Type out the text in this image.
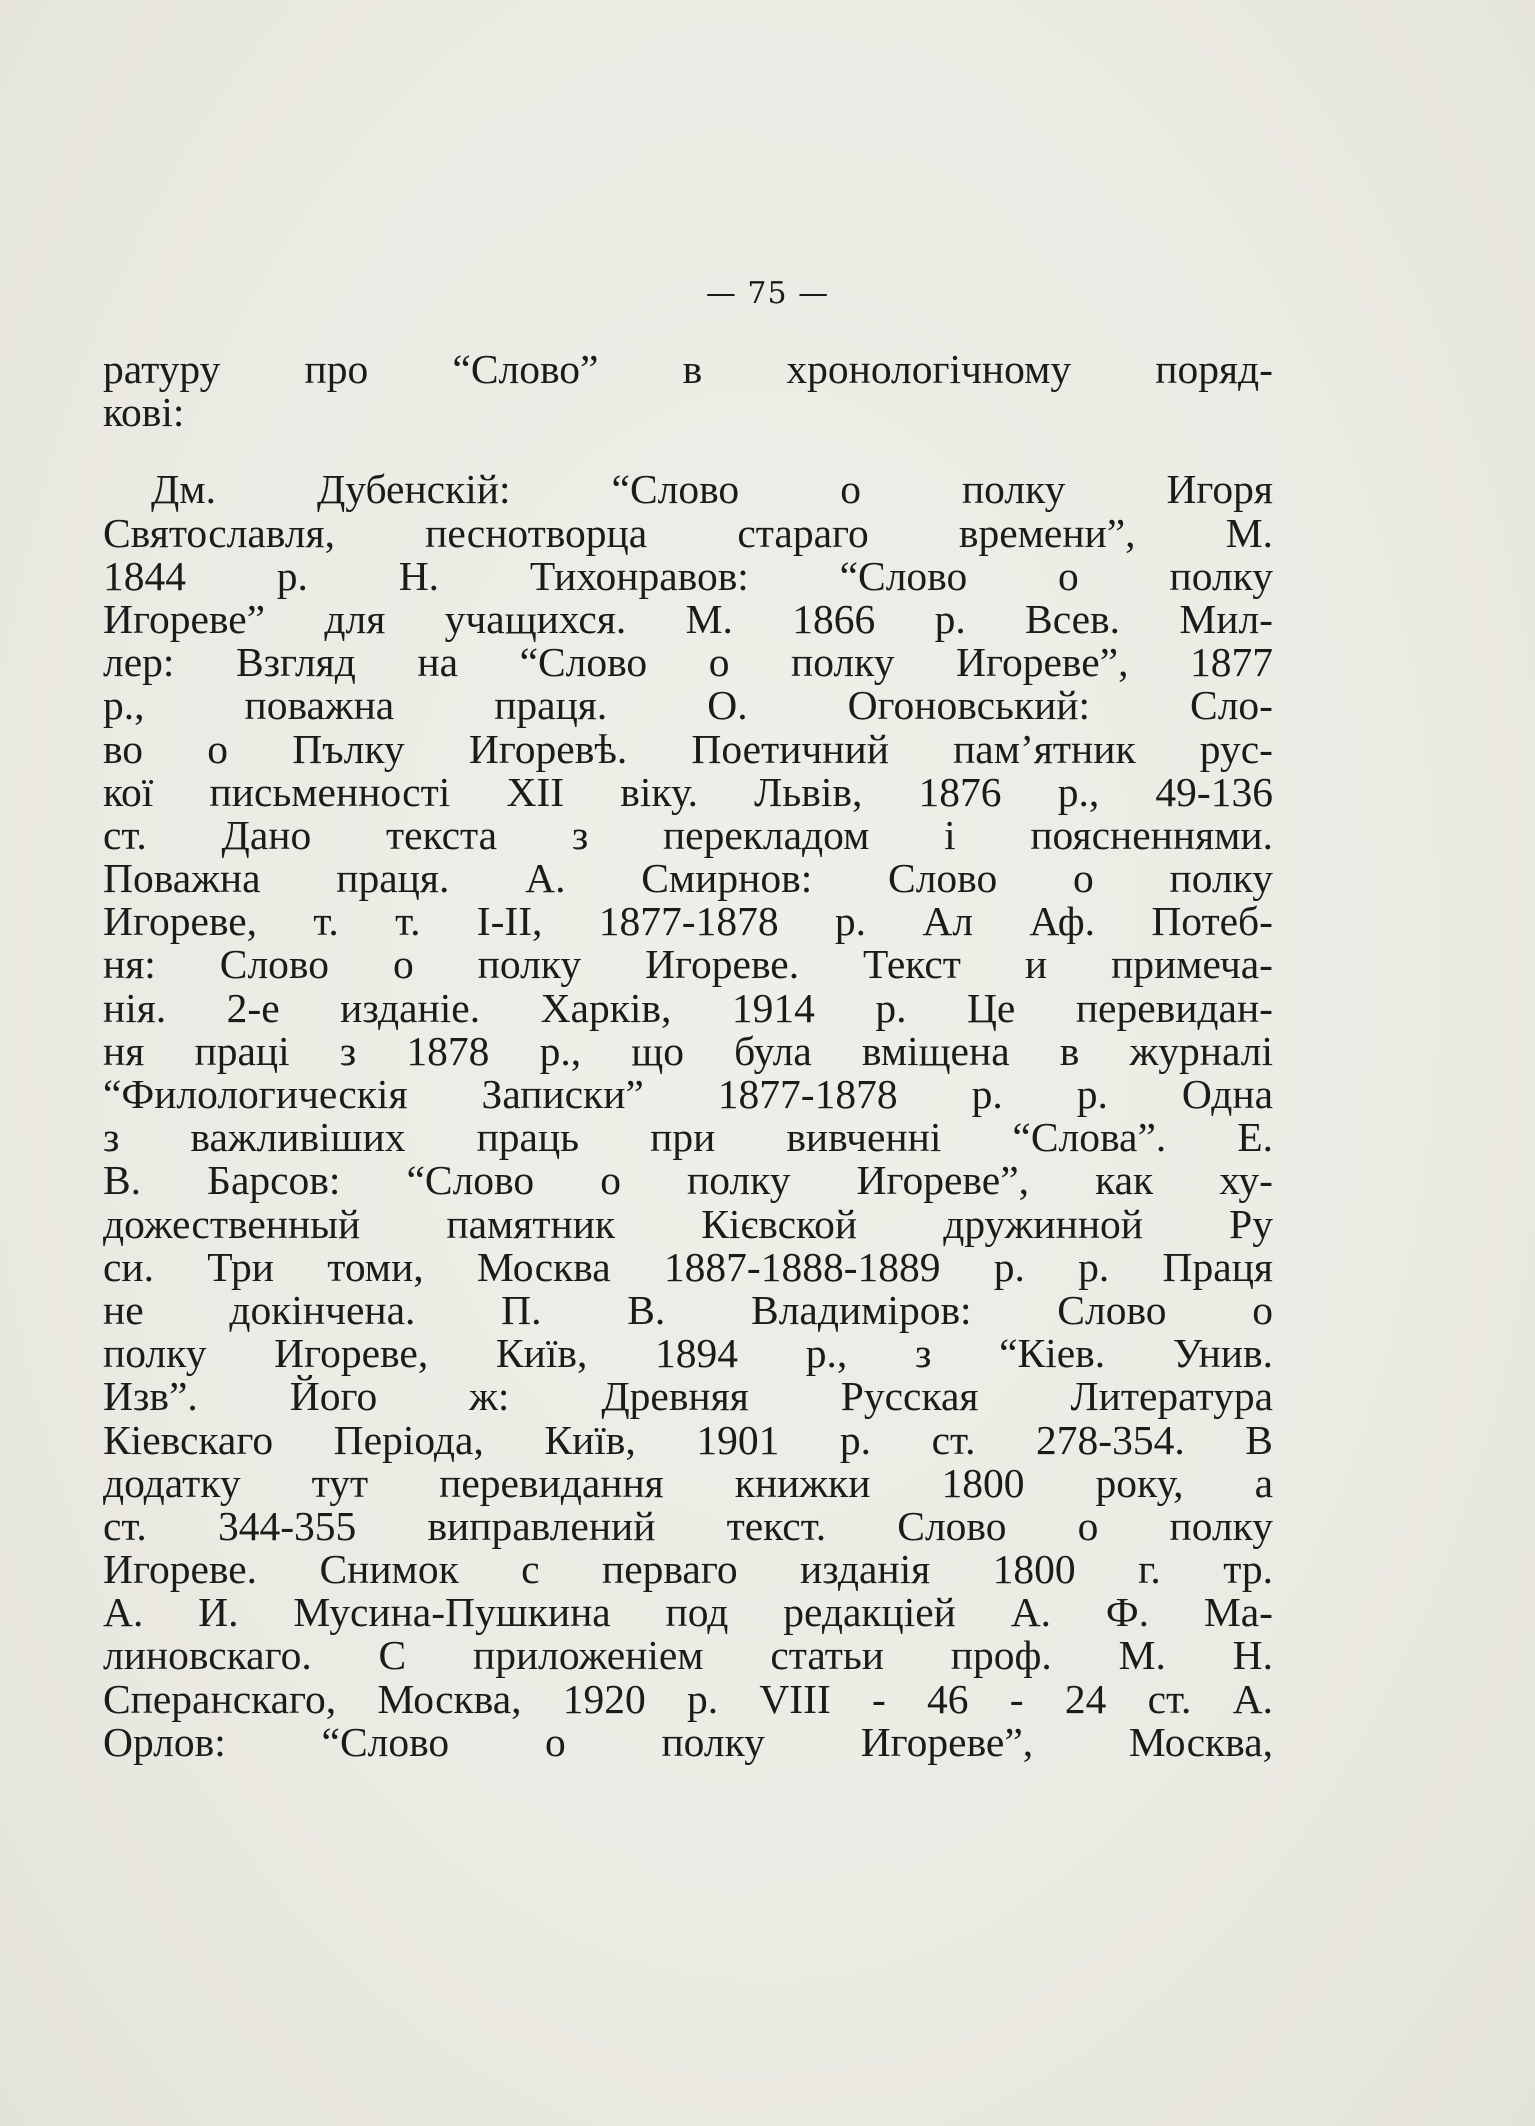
— 75 —
ратуру про “Слово” в хронологічному поряд-
кові:
Дм. Дубенскій: “Слово о полку Игоря
Святославля, песнотворца стараго времени”, М.
1844 р. Н. Тихонравов: “Слово о полку
Игореве” для учащихся. М. 1866 р. Всев. Мил-
лер: Взгляд на “Слово о полку Игореве”, 1877
р., поважна праця. О. Огоновський: Сло-
во о Пълку Игоревѣ. Поетичний пам’ятник рус-
кої письменності XII віку. Львів, 1876 р., 49-136
ст. Дано текста з перекладом і поясненнями.
Поважна праця. А. Смирнов: Слово о полку
Игореве, т. т. I-II, 1877-1878 р. Ал Аф. Потеб-
ня: Слово о полку Игореве. Текст и примеча-
нія. 2-е изданіе. Харків, 1914 р. Це перевидан-
ня праці з 1878 р., що була вміщена в журналі
“Филологическія Записки” 1877-1878 р. р. Одна
з важливіших праць при вивченні “Слова”. Е.
В. Барсов: “Слово о полку Игореве”, как ху-
дожественный памятник Кієвской дружинной Ру
си. Три томи, Москва 1887-1888-1889 р. р. Праця
не докінчена. П. В. Владиміров: Слово о
полку Игореве, Київ, 1894 р., з “Кіев. Унив.
Изв”. Його ж: Древняя Русская Литература
Кіевскаго Періода, Київ, 1901 р. ст. 278-354. В
додатку тут перевидання книжки 1800 року, а
ст. 344-355 виправлений текст. Слово о полку
Игореве. Снимок с перваго изданія 1800 г. тр.
А. И. Мусина-Пушкина под редакціей А. Ф. Ма-
линовскаго. С приложеніем статьи проф. М. Н.
Сперанскаго, Москва, 1920 р. VIII - 46 - 24 ст. А.
Орлов: “Слово о полку Игореве”, Москва,
